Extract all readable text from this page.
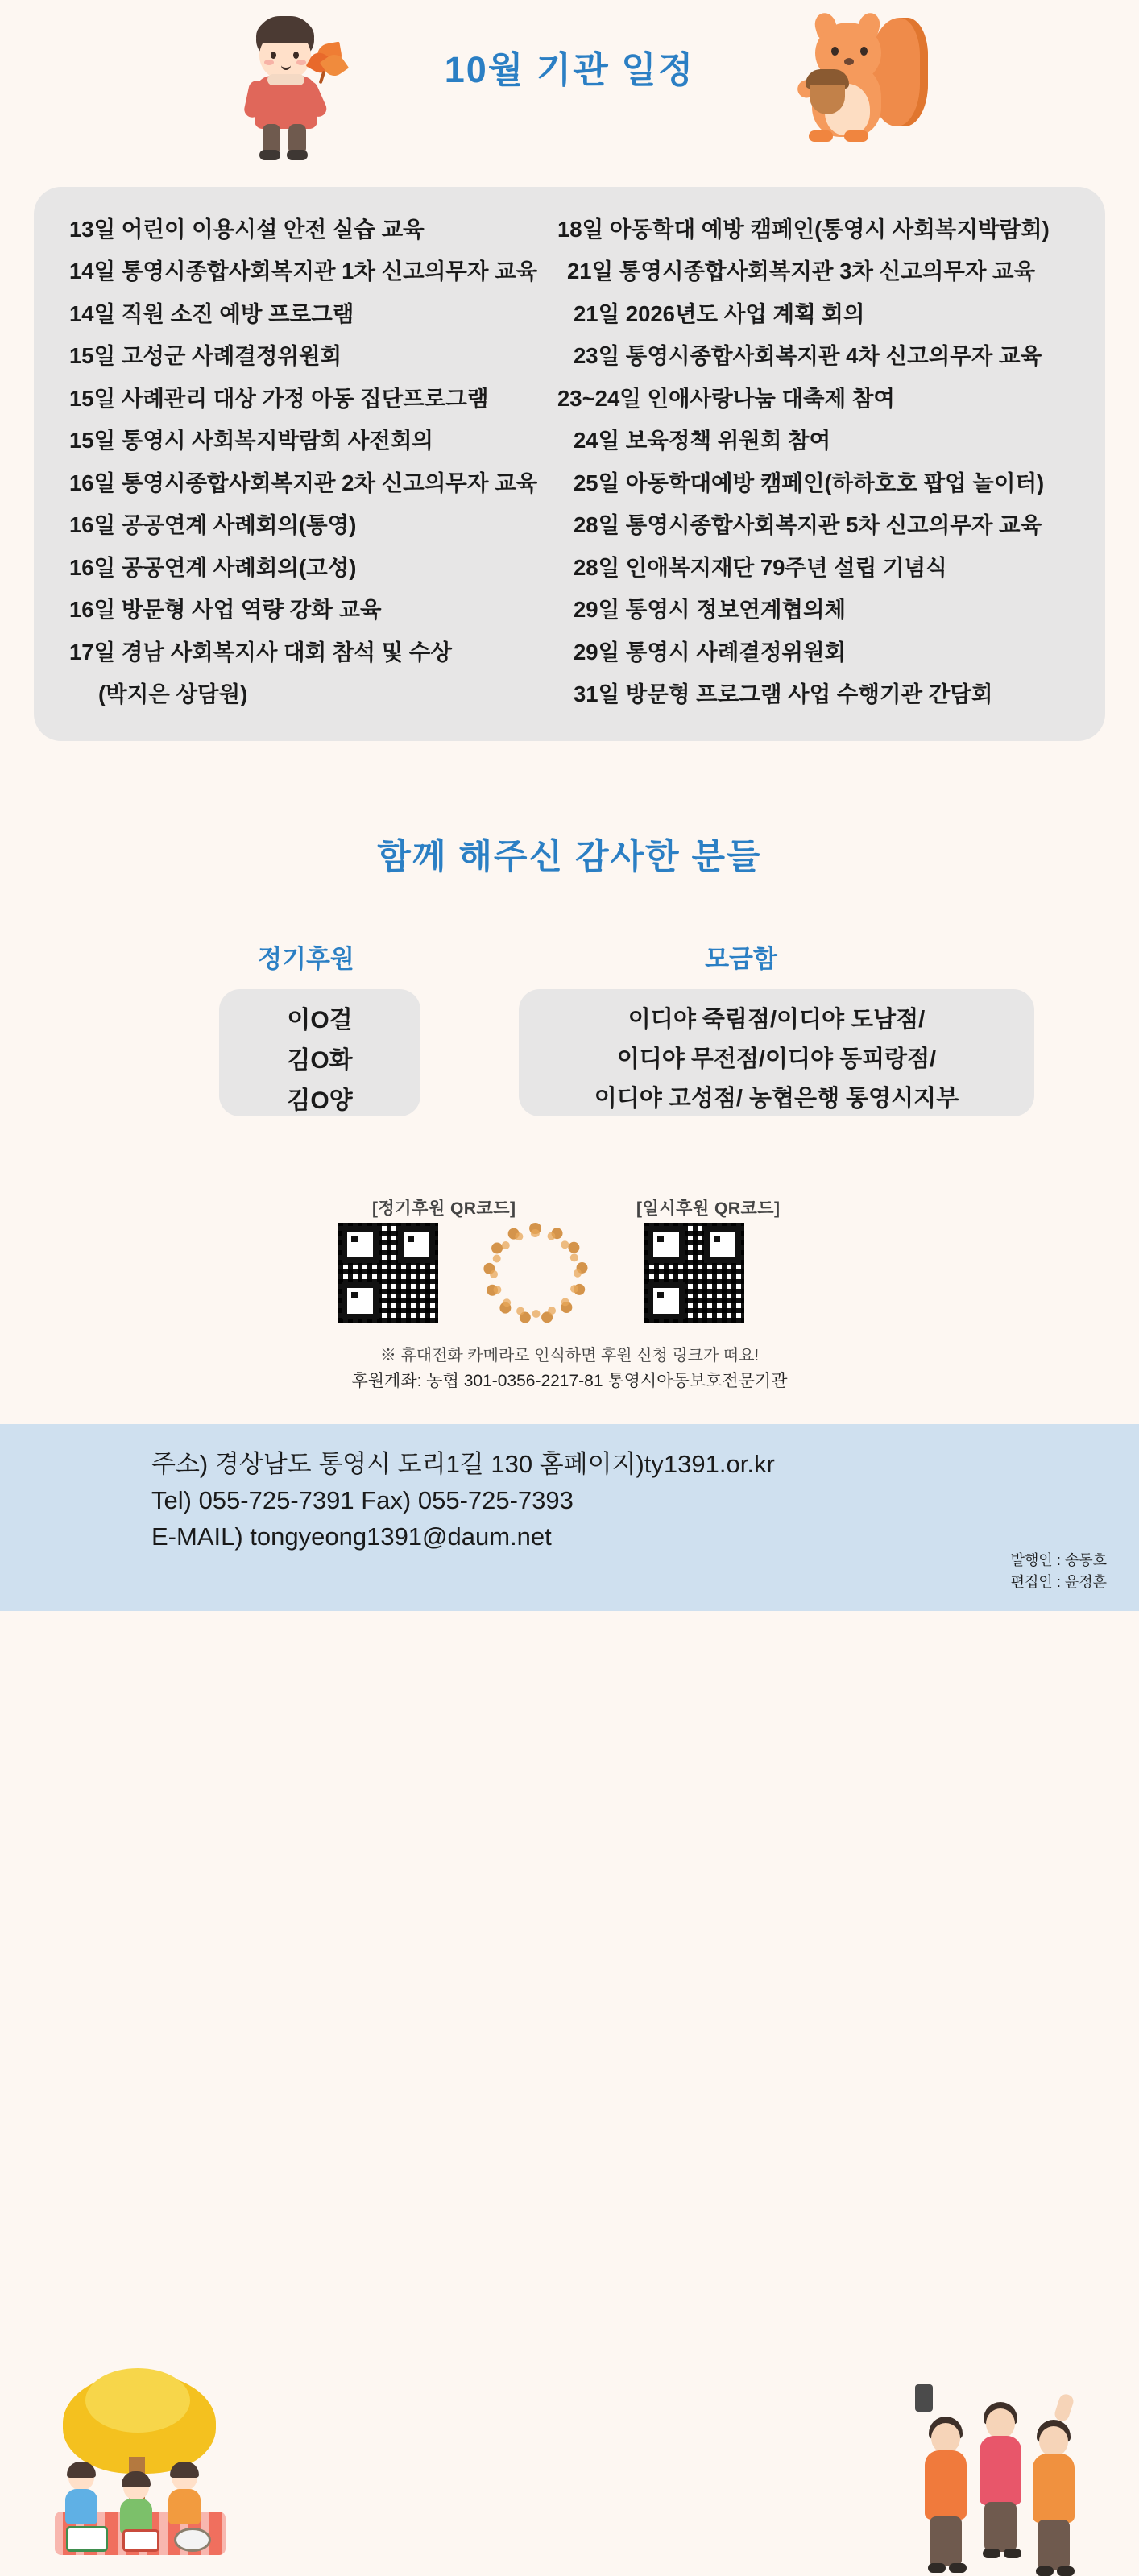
10월 기관 일정
13일 어린이 이용시설 안전 실습 교육
14일 통영시종합사회복지관 1차 신고의무자 교육
14일 직원 소진 예방 프로그램
15일 고성군 사례결정위원회
15일 사례관리 대상 가정 아동 집단프로그램
15일 통영시 사회복지박람회 사전회의
16일 통영시종합사회복지관 2차 신고의무자 교육
16일 공공연계 사례회의(통영)
16일 공공연계 사례회의(고성)
16일 방문형 사업 역량 강화 교육
17일 경남 사회복지사 대회 참석 및 수상
(박지은 상담원)
18일 아동학대 예방 캠페인(통영시 사회복지박람회)
21일 통영시종합사회복지관 3차 신고의무자 교육
21일 2026년도 사업 계획 회의
23일 통영시종합사회복지관 4차 신고의무자 교육
23~24일 인애사랑나눔 대축제 참여
24일 보육정책 위원회 참여
25일 아동학대예방 캠페인(하하호호 팝업 놀이터)
28일 통영시종합사회복지관 5차 신고의무자 교육
28일 인애복지재단 79주년 설립 기념식
29일 통영시 정보연계협의체
29일 통영시 사례결정위원회
31일 방문형 프로그램 사업 수행기관 간담회
함께 해주신 감사한 분들
정기후원	모금함
이O걸
김O화
김O양
이디야 죽림점/이디야 도남점/
이디야 무전점/이디야 동피랑점/
이디야 고성점/ 농협은행 통영시지부
[정기후원 QR코드]	[일시후원 QR코드]
※ 휴대전화 카메라로 인식하면 후원 신청 링크가 떠요!
후원계좌: 농협 301-0356-2217-81 통영시아동보호전문기관
주소) 경상남도 통영시 도리1길 130 홈페이지)ty1391.or.kr
Tel) 055-725-7391 Fax) 055-725-7393
E-MAIL) tongyeong1391@daum.net
발행인 : 송동호
편집인 : 윤정훈
